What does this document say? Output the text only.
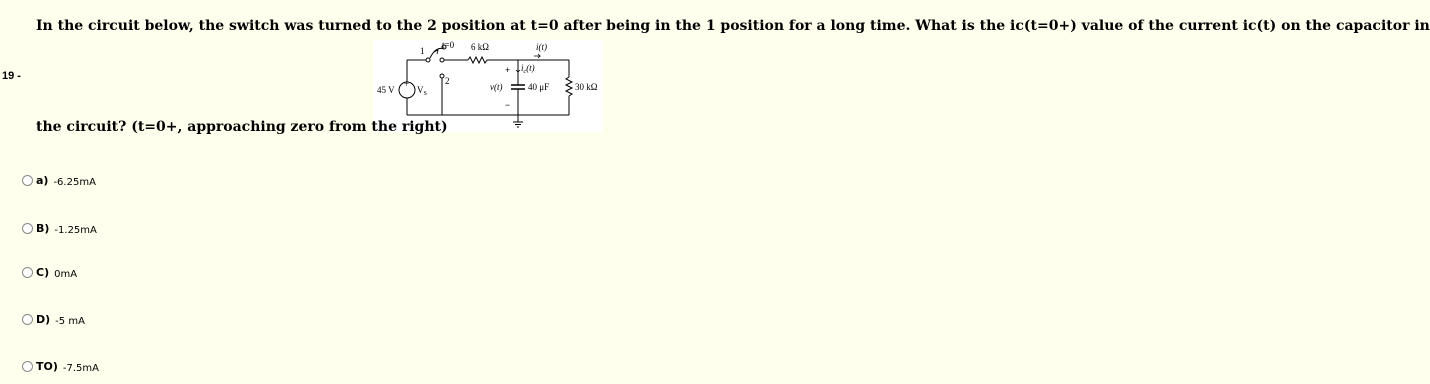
19 -
In the circuit below, the switch was turned to the 2 position at t=0 after being in the 1 position for a long time. What is the ic(t=0+) value of the current ic(t) on the capacitor in
+
45 V $V_S$
t=0
1
2
6 kΩ	i(t)
40 μF
v(t)
+
−
$i_c(t)$
30 kΩ
the circuit? (t=0+, approaching zero from the right)
a) -6.25mA
B) -1.25mA
C) 0mA
D) -5 mA
TO) -7.5mA
